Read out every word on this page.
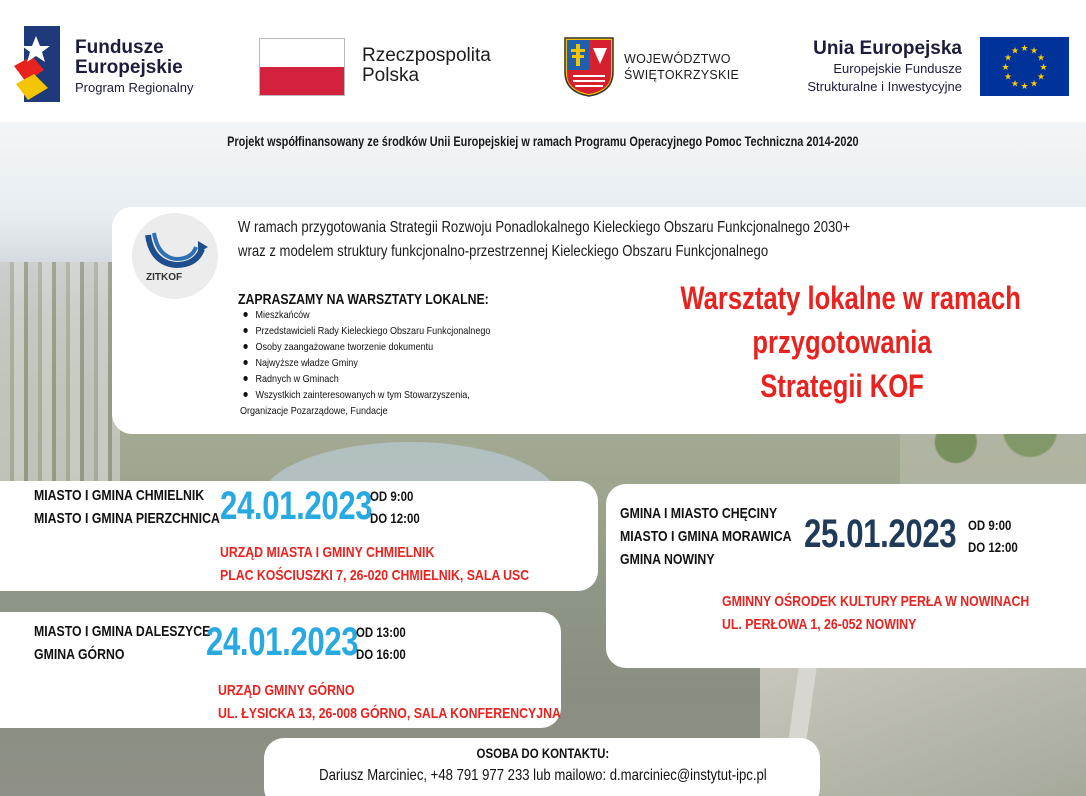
Fundusze
Europejskie
Program Regionalny
Rzeczpospolita
Polska
WOJEWÓDZTWO
ŚWIĘTOKRZYSKIE
Unia Europejska
Europejskie Fundusze
Strukturalne i Inwestycyjne
★ ★
★
★
★
★
★
★
★
★
★
★
Projekt współfinansowany ze środków Unii Europejskiej w ramach Programu Operacyjnego Pomoc Techniczna 2014-2020
ZITKOF
W ramach przygotowania Strategii Rozwoju Ponadlokalnego Kieleckiego Obszaru Funkcjonalnego 2030+
wraz z modelem struktury funkcjonalno-przestrzennej Kieleckiego Obszaru Funkcjonalnego
ZAPRASZAMY NA WARSZTATY LOKALNE:
Mieszkańców
Przedstawicieli Rady Kieleckiego Obszaru Funkcjonalnego
Osoby zaangażowane tworzenie dokumentu
Najwyższe władze Gminy
Radnych w Gminach
Wszystkich zainteresowanych w tym Stowarzyszenia,
Organizacje Pozarządowe, Fundacje
Warsztaty lokalne w ramach
przygotowania
Strategii KOF
MIASTO I GMINA CHMIELNIK
MIASTO I GMINA PIERZCHNICA 24.01.2023
OD 9:00
DO 12:00
URZĄD MIASTA I GMINY CHMIELNIK
PLAC KOŚCIUSZKI 7, 26-020 CHMIELNIK, SALA USC
MIASTO I GMINA DALESZYCE
GMINA GÓRNO	24.01.2023
OD 13:00
DO 16:00
URZĄD GMINY GÓRNO
UL. ŁYSICKA 13, 26-008 GÓRNO, SALA KONFERENCYJNA
GMINA I MIASTO CHĘCINY
MIASTO I GMINA MORAWICA
GMINA NOWINY
25.01.2023 OD 9:00
DO 12:00
GMINNY OŚRODEK KULTURY PERŁA W NOWINACH
UL. PERŁOWA 1, 26-052 NOWINY
OSOBA DO KONTAKTU:
Dariusz Marciniec, +48 791 977 233 lub mailowo: d.marciniec@instytut-ipc.pl
